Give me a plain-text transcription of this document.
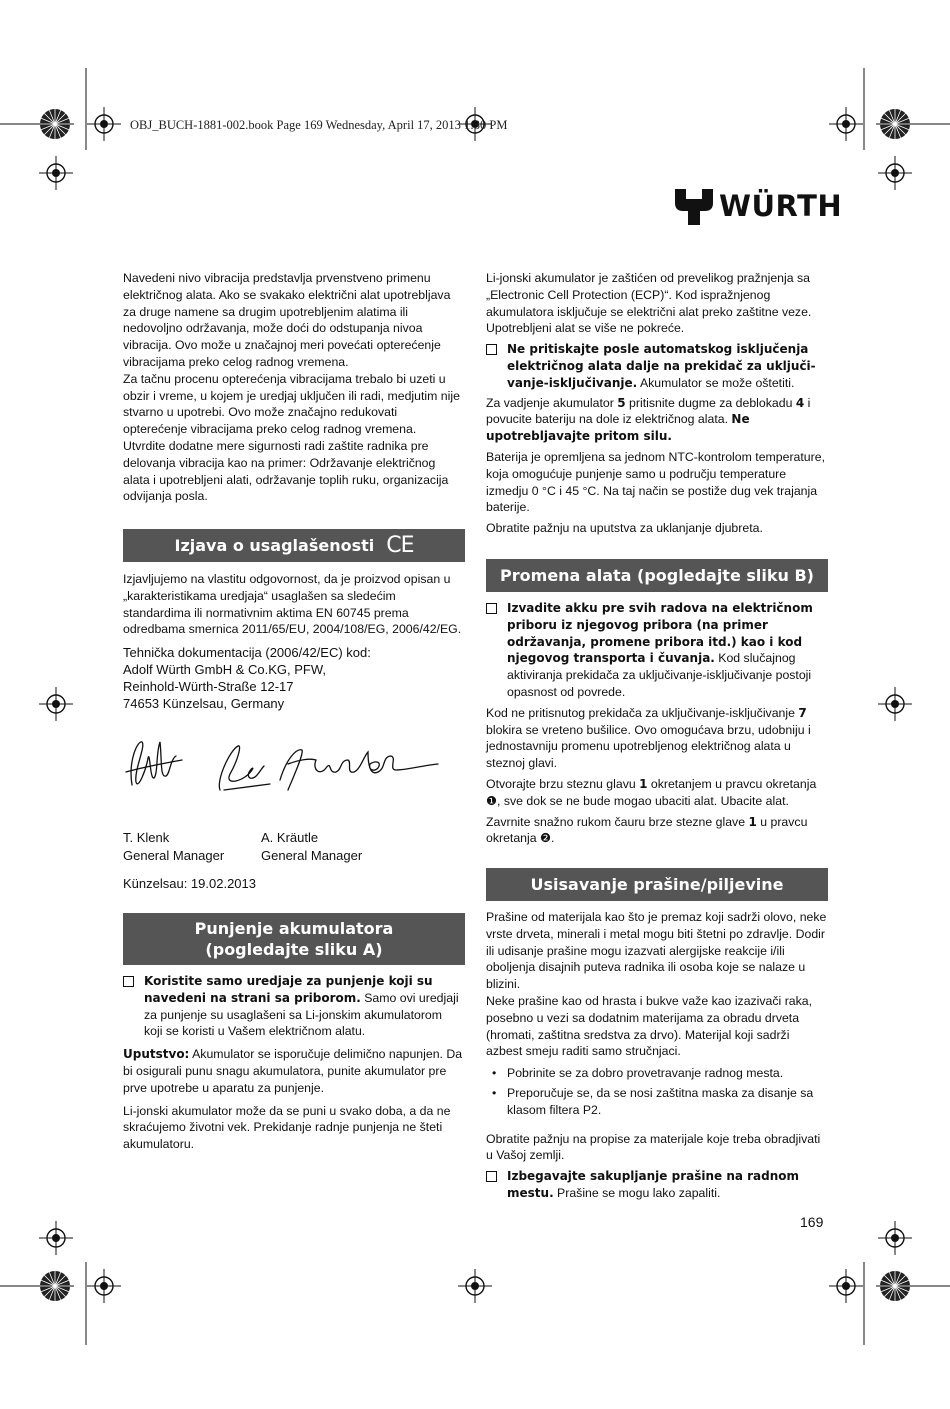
OBJ_BUCH-1881-002.book Page 169 Wednesday, April 17, 2013 1:30 PM
WÜRTH

Navedeni nivo vibracija predstavlja prvenstveno primenu električnog alata. Ako se svakako električni alat upotrebljava za druge namene sa drugim upotrebljenim alatima ili nedovoljno održavanja, može doći do odstupanja nivoa vibracija. Ovo može u značajnoj meri povećati opterećenje vibracijama preko celog radnog vremena.

Za tačnu procenu opterećenja vibracijama trebalo bi uzeti u obzir i vreme, u kojem je uredjaj uključen ili radi, medjutim nije stvarno u upotrebi. Ovo može značajno redukovati opterećenje vibracijama preko celog radnog vremena.

Utvrdite dodatne mere sigurnosti radi zaštite radnika pre delovanja vibracija kao na primer: Održavanje električnog alata i upotrebljeni alati, održavanje toplih ruku, organizacija odvijanja posla.

Izjava o usaglašenosti CE

Izjavljujemo na vlastitu odgovornost, da je proizvod opisan u „karakteristikama uredjaja“ usaglašen sa sledećim standardima ili normativnim aktima EN 60745 prema odredbama smernica 2011/65/EU, 2004/108/EG, 2006/42/EG.

Tehnička dokumentacija (2006/42/EC) kod:
Adolf Würth GmbH & Co.KG, PFW,
Reinhold-Würth-Straße 12-17
74653 Künzelsau, Germany
T. Klenk
General Manager
A. Kräutle
General Manager
Künzelsau: 19.02.2013
Punjenje akumulatora
(pogledajte sliku A)

Koristite samo uredjaje za punjenje koji su navedeni na strani sa priborom. Samo ovi uredjaji za punjenje su usaglašeni sa Li-jonskim akumulatorom koji se koristi u Vašem električnom alatu.

Uputstvo: Akumulator se isporučuje delimično napunjen. Da bi osigurali punu snagu akumulatora, punite akumulator pre prve upotrebe u aparatu za punjenje.

Li-jonski akumulator može da se puni u svako doba, a da ne skraćujemo životni vek. Prekidanje radnje punjenja ne šteti akumulatoru.

Li-jonski akumulator je zaštićen od prevelikog pražnjenja sa „Electronic Cell Protection (ECP)“. Kod ispražnjenog akumulatora isključuje se električni alat preko zaštitne veze. Upotrebljeni alat se više ne pokreće.

Ne pritiskajte posle automatskog isključenja električnog alata dalje na prekidač za uključi-vanje-isključivanje. Akumulator se može oštetiti.

Za vadjenje akumulator 5 pritisnite dugme za deblokadu 4 i povucite bateriju na dole iz električnog alata. Ne upotrebljavajte pritom silu.

Baterija je opremljena sa jednom NTC-kontrolom temperature, koja omogućuje punjenje samo u području temperature izmedju 0 °C i 45 °C. Na taj način se postiže dug vek trajanja baterije.

Obratite pažnju na uputstva za uklanjanje djubreta.

Promena alata (pogledajte sliku B)

Izvadite akku pre svih radova na električnom priboru iz njegovog pribora (na primer održavanja, promene pribora itd.) kao i kod njegovog transporta i čuvanja. Kod slučajnog aktiviranja prekidača za uključivanje-isključivanje postoji opasnost od povrede.

Kod ne pritisnutog prekidača za uključivanje-isključivanje 7 blokira se vreteno bušilice. Ovo omogućava brzu, udobniju i jednostavniju promenu upotrebljenog električnog alata u steznoj glavi.

Otvorajte brzu steznu glavu 1 okretanjem u pravcu okretanja ❶, sve dok se ne bude mogao ubaciti alat. Ubacite alat.

Zavrnite snažno rukom čauru brze stezne glave 1 u pravcu okretanja ❷.

Usisavanje prašine/piljevine

Prašine od materijala kao što je premaz koji sadrži olovo, neke vrste drveta, minerali i metal mogu biti štetni po zdravlje. Dodir ili udisanje prašine mogu izazvati alergijske reakcije i/ili oboljenja disajnih puteva radnika ili osoba koje se nalaze u blizini.

Neke prašine kao od hrasta i bukve važe kao izazivači raka, posebno u vezi sa dodatnim materijama za obradu drveta (hromati, zaštitna sredstva za drvo). Materijal koji sadrži azbest smeju raditi samo stručnjaci.

• Pobrinite se za dobro provetravanje radnog mesta.
• Preporučuje se, da se nosi zaštitna maska za disanje sa klasom filtera P2.

Obratite pažnju na propise za materijale koje treba obradjivati u Vašoj zemlji.

Izbegavajte sakupljanje prašine na radnom mestu. Prašine se mogu lako zapaliti.

169
